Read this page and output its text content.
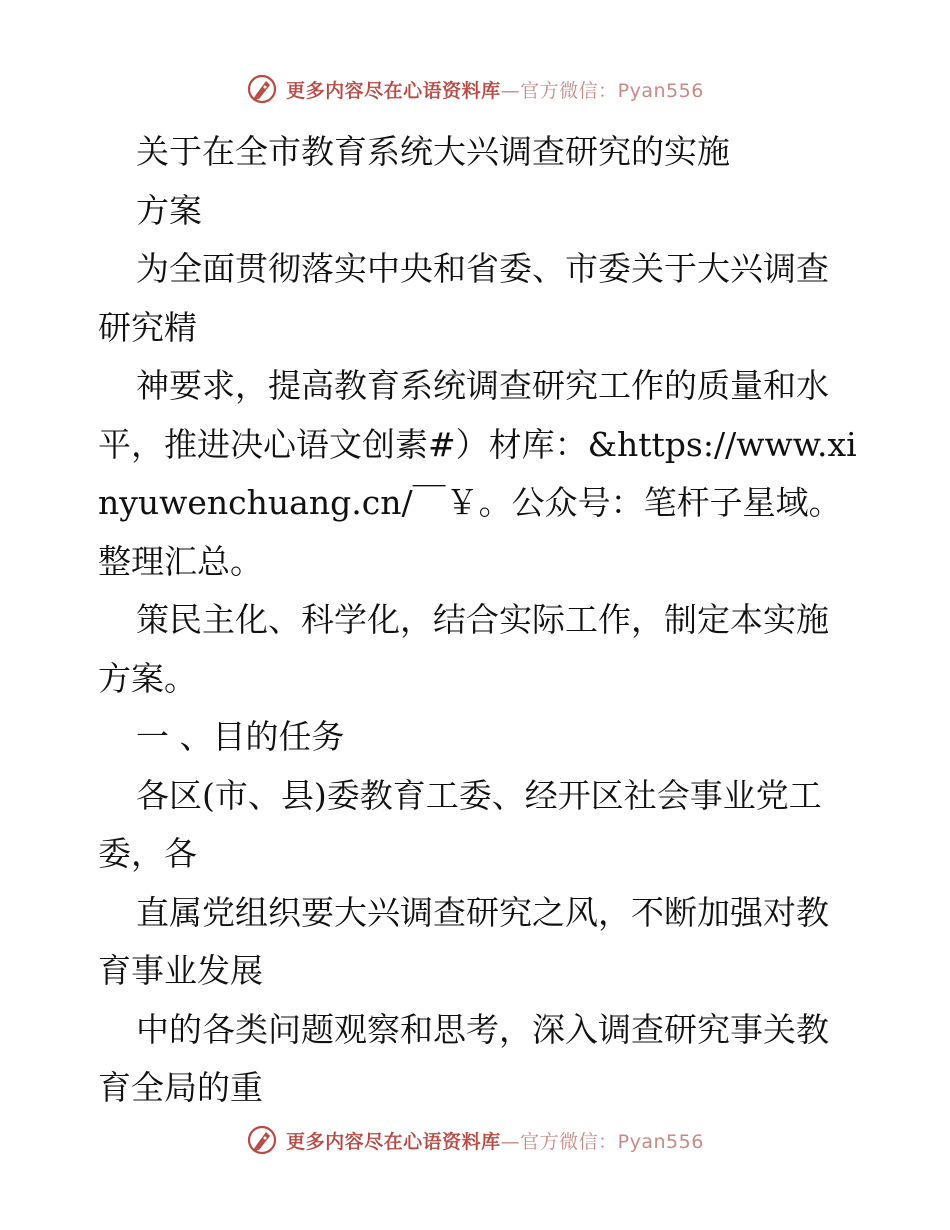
更多内容尽在心语资料库—官方微信：Pyan556

关于在全市教育系统大兴调查研究的实施

方案

为全面贯彻落实中央和省委、市委关于大兴调查研究精

神要求，提高教育系统调查研究工作的质量和水平，推进决心语文创素#）材库：&https://www.xinyuwenchuang.cn/￣￥。公众号：笔杆子星域。整理汇总。

策民主化、科学化，结合实际工作，制定本实施方案。

一 、目的任务

各区(市、县)委教育工委、经开区社会事业党工委，各

直属党组织要大兴调查研究之风，不断加强对教育事业发展

中的各类问题观察和思考，深入调查研究事关教育全局的重

更多内容尽在心语资料库—官方微信：Pyan556
